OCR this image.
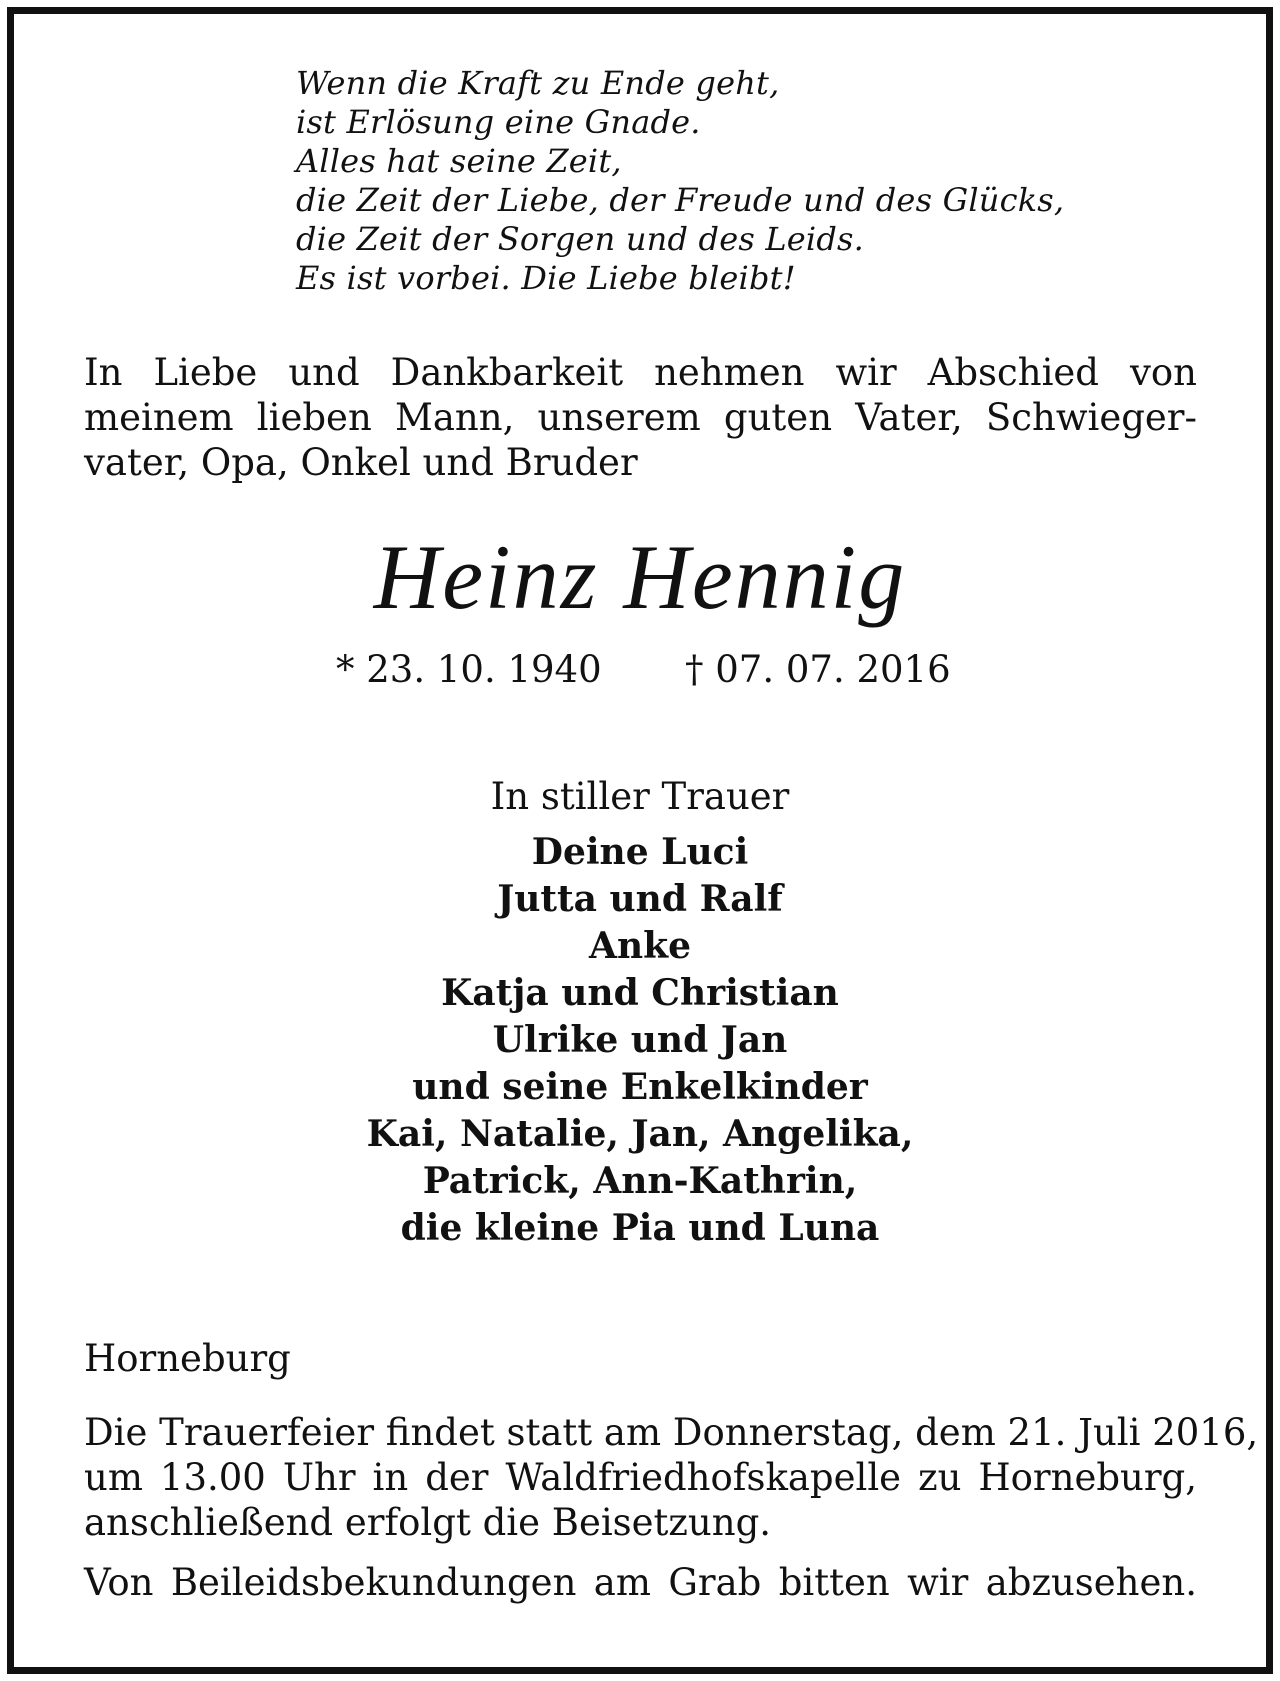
Wenn die Kraft zu Ende geht,
ist Erlösung eine Gnade.
Alles hat seine Zeit,
die Zeit der Liebe, der Freude und des Glücks,
die Zeit der Sorgen und des Leids.
Es ist vorbei. Die Liebe bleibt!
In Liebe und Dankbarkeit nehmen wir Abschied von
meinem lieben Mann, unserem guten Vater, Schwieger-
vater, Opa, Onkel und Bruder
Heinz Hennig
* 23. 10. 1940 † 07. 07. 2016
In stiller Trauer
Deine Luci
Jutta und Ralf
Anke
Katja und Christian
Ulrike und Jan
und seine Enkelkinder
Kai, Natalie, Jan, Angelika,
Patrick, Ann-Kathrin,
die kleine Pia und Luna
Horneburg
Die Trauerfeier findet statt am Donnerstag, dem 21. Juli 2016,
um 13.00 Uhr in der Waldfriedhofskapelle zu Horneburg,
anschließend erfolgt die Beisetzung.
Von Beileidsbekundungen am Grab bitten wir abzusehen.
